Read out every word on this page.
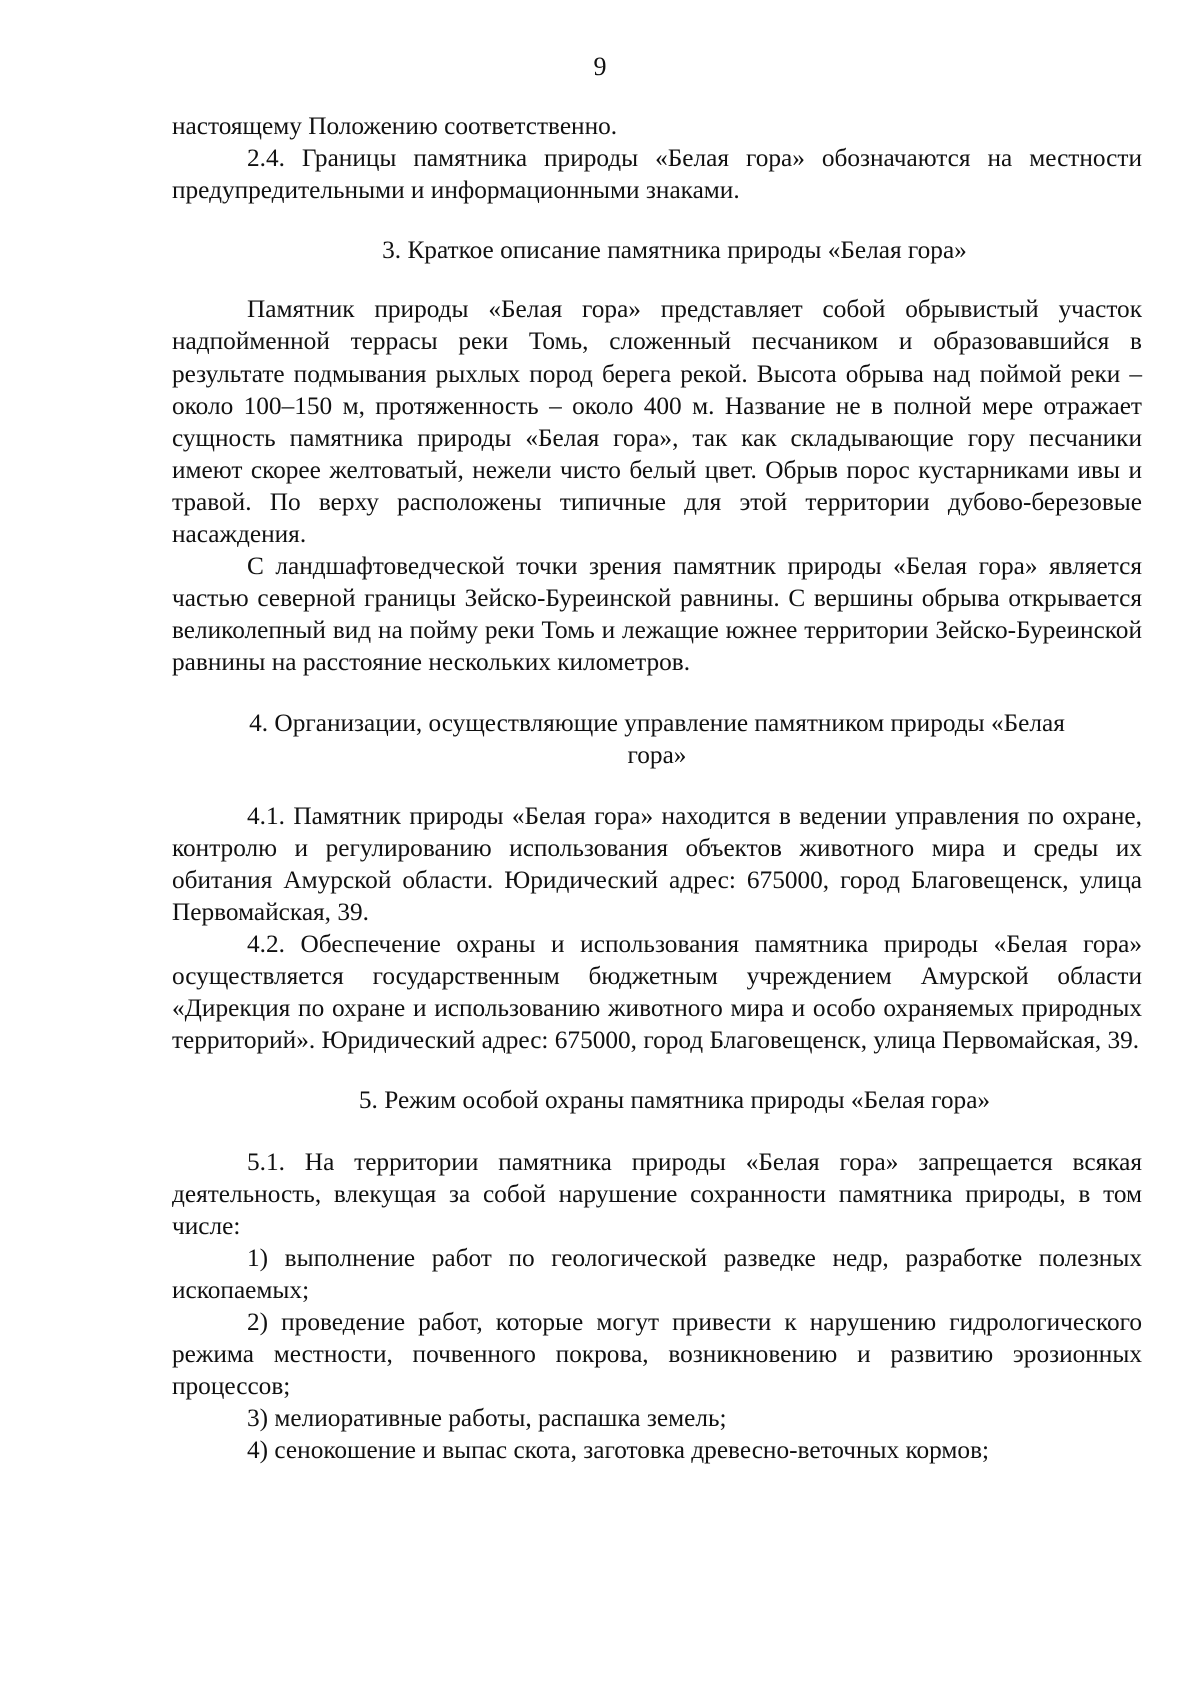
9

настоящему Положению соответственно.

2.4. Границы памятника природы «Белая гора» обозначаются на местности предупредительными и информационными знаками.

3. Краткое описание памятника природы «Белая гора»

Памятник природы «Белая гора» представляет собой обрывистый участок надпойменной террасы реки Томь, сложенный песчаником и образовавшийся в результате подмывания рыхлых пород берега рекой. Высота обрыва над поймой реки – около 100–150 м, протяженность – около 400 м. Название не в полной мере отражает сущность памятника природы «Белая гора», так как складывающие гору песчаники имеют скорее желтоватый, нежели чисто белый цвет. Обрыв порос кустарниками ивы и травой. По верху расположены типичные для этой территории дубово-березовые насаждения.

С ландшафтоведческой точки зрения памятник природы «Белая гора» является частью северной границы Зейско-Буреинской равнины. С вершины обрыва открывается великолепный вид на пойму реки Томь и лежащие южнее территории Зейско-Буреинской равнины на расстояние нескольких километров.

4. Организации, осуществляющие управление памятником природы «Белая гора»

4.1. Памятник природы «Белая гора» находится в ведении управления по охране, контролю и регулированию использования объектов животного мира и среды их обитания Амурской области. Юридический адрес: 675000, город Благовещенск, улица Первомайская, 39.

4.2. Обеспечение охраны и использования памятника природы «Белая гора» осуществляется государственным бюджетным учреждением Амурской области «Дирекция по охране и использованию животного мира и особо охраняемых природных территорий». Юридический адрес: 675000, город Благовещенск, улица Первомайская, 39.

5. Режим особой охраны памятника природы «Белая гора»

5.1. На территории памятника природы «Белая гора» запрещается всякая деятельность, влекущая за собой нарушение сохранности памятника природы, в том числе:

1) выполнение работ по геологической разведке недр, разработке полезных ископаемых;

2) проведение работ, которые могут привести к нарушению гидрологического режима местности, почвенного покрова, возникновению и развитию эрозионных процессов;

3) мелиоративные работы, распашка земель;

4) сенокошение и выпас скота, заготовка древесно-веточных кормов;
